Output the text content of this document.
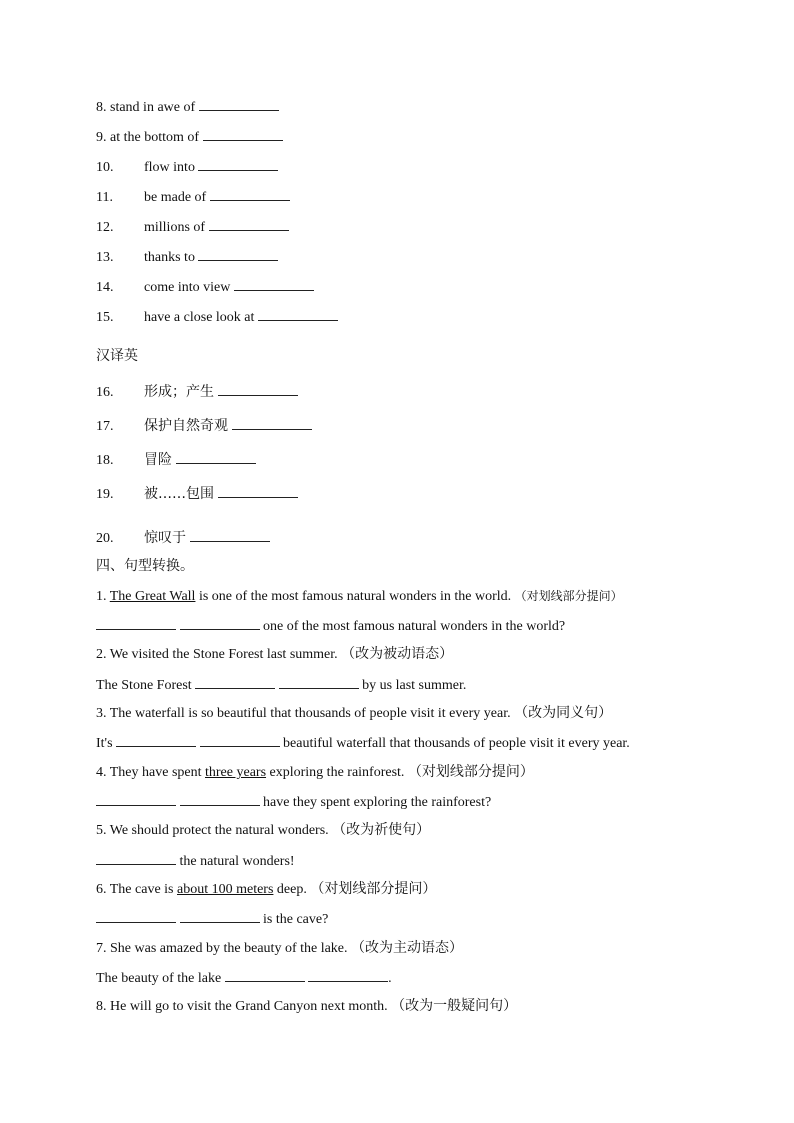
8. stand in awe of
9. at the bottom of
10. flow into
11. be made of
12. millions of
13. thanks to
14. come into view
15. have a close look at
汉译英
16. 形成；产生
17. 保护自然奇观
18. 冒险
19. 被……包围
20. 惊叹于
四、句型转换。
1. The Great Wall is one of the most famous natural wonders in the world. （对划线部分提问）
one of the most famous natural wonders in the world?
2. We visited the Stone Forest last summer. （改为被动语态）
The Stone Forest	by us last summer.
3. The waterfall is so beautiful that thousands of people visit it every year. （改为同义句）
It's	beautiful waterfall that thousands of people visit it every year.
4. They have spent three years exploring the rainforest. （对划线部分提问）
have they spent exploring the rainforest?
5. We should protect the natural wonders. （改为祈使句）
the natural wonders!
6. The cave is about 100 meters deep. （对划线部分提问）
is the cave?
7. She was amazed by the beauty of the lake. （改为主动语态）
The beauty of the lake	.
8. He will go to visit the Grand Canyon next month. （改为一般疑问句）
